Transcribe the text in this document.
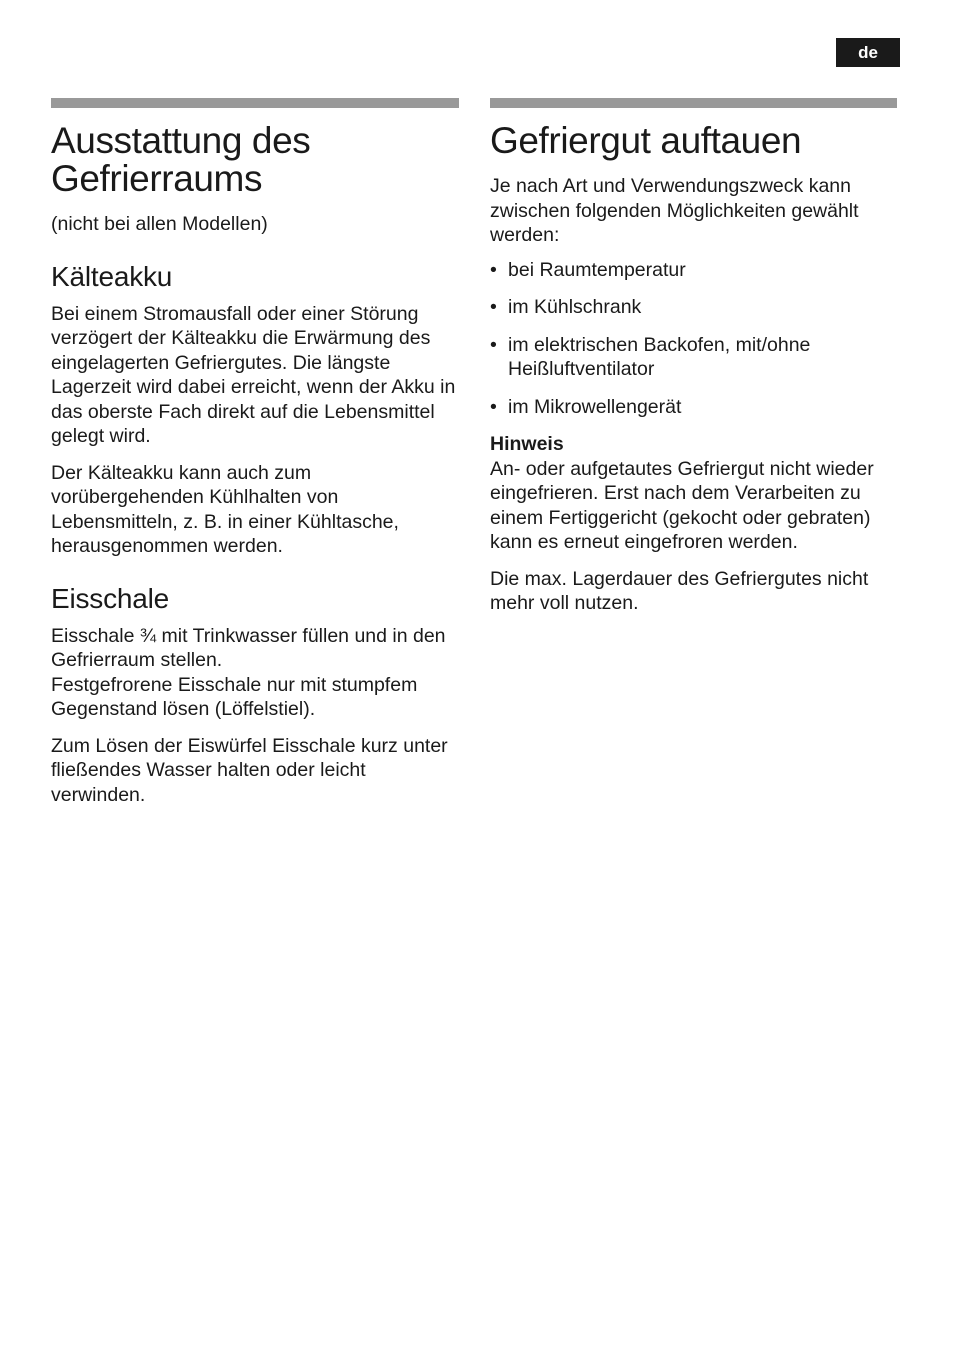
de
Ausstattung des Gefrierraums
(nicht bei allen Modellen)
Kälteakku

Bei einem Stromausfall oder einer Störung verzögert der Kälteakku die Erwärmung des eingelagerten Gefriergutes. Die längste Lagerzeit wird dabei erreicht, wenn der Akku in das oberste Fach direkt auf die Lebensmittel gelegt wird.

Der Kälteakku kann auch zum vorübergehenden Kühlhalten von Lebensmitteln, z. B. in einer Kühltasche, herausgenommen werden.

Eisschale

Eisschale ¾ mit Trinkwasser füllen und in den Gefrierraum stellen.

Festgefrorene Eisschale nur mit stumpfem Gegenstand lösen (Löffelstiel).

Zum Lösen der Eiswürfel Eisschale kurz unter fließendes Wasser halten oder leicht verwinden.

Gefriergut auftauen

Je nach Art und Verwendungszweck kann zwischen folgenden Möglichkeiten gewählt werden:

• bei Raumtemperatur
• im Kühlschrank
• im elektrischen Backofen, mit/ohne Heißluftventilator
• im Mikrowellengerät
Hinweis

An- oder aufgetautes Gefriergut nicht wieder eingefrieren. Erst nach dem Verarbeiten zu einem Fertiggericht (gekocht oder gebraten) kann es erneut eingefroren werden.

Die max. Lagerdauer des Gefriergutes nicht mehr voll nutzen.
